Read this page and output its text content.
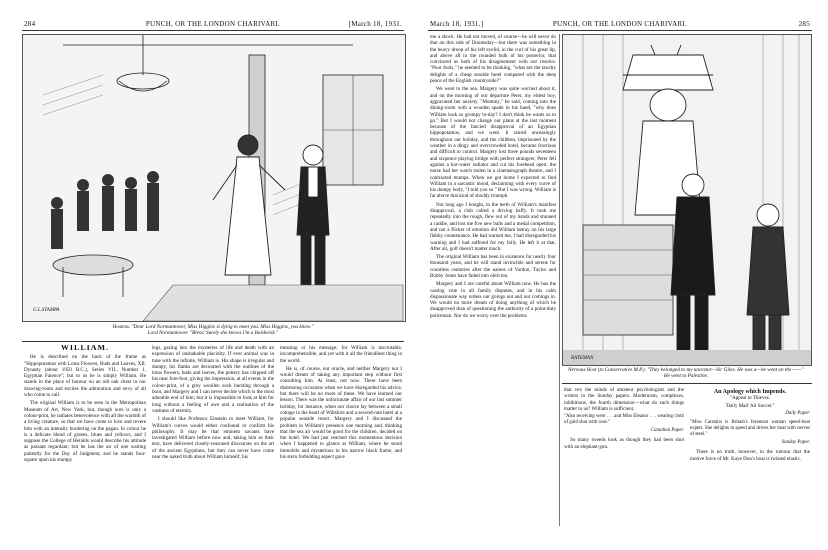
284	PUNCH, OR THE LONDON CHARIVARI.	[March 18, 1931.
G.L.STAMPA
Hostess. "Dear Lord Normantower, Miss Higgins is dying to meet you. Miss Higgins, you know."
Lord Normantower. "Bless! Surely she knows I'm a Bolshevik."
WILLIAM.

He is described on the back of the frame as "Hippopotamus with Lotus Flowers, Buds and Leaves, XII. Dynasty (about 1950 B.C.), Series VII., Number 1, Egyptian Faience"; but to us he is simply William. He stands in the place of honour on an old oak chest in our drawing-room and excites the admiration and envy of all who come to call.

The original William is to be seen in the Metropolitan Museum of Art, New York, but, though ours is only a colour-print, he radiates benevolence with all the warmth of a living creature, so that we have come to love and revere him with an intensity bordering on the pagan. In colour he is a delicate blend of greens, blues and yellows, and I suppose the College of Heralds would describe his attitude as passant regardant; but he has the air of one waiting patiently for the Day of Judgment, and he stands four-square upon his stumpy

legs, gazing into the mysteries of life and death with an expression of unshakable placidity. If ever animal was in tune with the infinite, William is. His shape is irregular and dumpy, his flanks are decorated with the outlines of the lotus flowers, buds and leaves, the pottery has chipped off his near fore-foot, giving the impression, at all events in the colour-print, of a grey woollen sock bursting through a boot, and Margery and I can never decide which is the most adorable end of him; but it is impossible to look at him for long without a feeling of awe and a realisation of the vastness of eternity.

I should like Professor Einstein to meet William, for William's curves would either confound or confirm his philosophy. It may be that eminent savants have investigated William before now and, taking him as their text, have delivered closely-reasoned discourses on the art of the ancient Egyptians, but they can never have come near the naked truth about William himself, his

meaning or his message; for William is inscrutable, incomprehensible, and yet with it all the friendliest thing in the world.

He is, of course, our oracle, and neither Margery nor I would dream of taking any important step without first consulting him. At least, not now. There have been distressing occasions when we have disregarded his advice, but there will be no more of these. We have learned our lesson. There was the unfortunate affair of our last summer holiday, for instance, when our choice lay between a small cottage in the heart of Wiltshire and a second-rate hotel at a popular seaside resort. Margery and I discussed the problem in William's presence one morning and, thinking that the sea air would be good for the children, decided on the hotel. We had just reached this momentous decision when I happened to glance at William, where he stood immobile and mysterious in his narrow black frame, and his stern forbidding aspect gave

March 18, 1931.]	PUNCH, OR THE LONDON CHARIVARI.	285

me a shock. He had not moved, of course—he will never do that on this side of Doomsday—but there was something in the heavy droop of his left eyelid, in the curl of his great lip, and above all in the rounded bulk of his posterior, that convinced us both of his disagreement with our resolve. "Poor fools," he seemed to be thinking, "what are the tawdry delights of a cheap seaside hotel compared with the deep peace of the English countryside?"

We went to the sea. Margery was quite worried about it, and on the morning of our departure Peter, my eldest boy, aggravated her anxiety. "Mummy," he said, coming into the dining-room with a wooden spade in his hand, "why does William look so grumpy to-day? I don't think he wants us to go." But I would not change our plans at the last moment because of the fancied disapproval of an Egyptian hippopotamus, and we went. It rained unceasingly throughout our holiday, and the children, imprisoned by the weather in a dingy and overcrowded hotel, became fractious and difficult to control. Margery lost three pounds seventeen and sixpence playing bridge with perfect strangers; Peter fell against a hot-water radiator and cut his forehead open; the nurse had her watch stolen in a cinematograph theatre, and I contracted mumps. When we got home I expected to find William in a sarcastic mood, declaiming with every curve of his dumpy body, "I told you so." But I was wrong. William is far above that kind of shoddy triumph.

Not long ago I bought, in the teeth of William's manifest disapproval, a club called a driving baffy. It took me repeatedly into the rough, flew out of my hands and stunned a caddie, and lost me five new balls and a medal competition, and not a flicker of emotion did William betray on his large flabby countenance. He had warned me, I had disregarded his warning and I had suffered for my folly. He left it at that. After all, golf doesn't matter much.

The original William has been in existence for nearly four thousand years, and he will stand invincible and serene for countless centuries after the names of Vardon, Taylor and Bobby Jones have faded into oblivion.

Margery and I are careful about William now. He has the casting vote in all family disputes, and in his calm dispassionate way orders our goings out and our comings in. We would no more dream of doing anything of which he disapproved than of questioning the authority of a point-duty policeman. Nor do we worry over the problems

BATEMAN
Nervous Host (to Conservative M.P.). "They belonged to my ancestor—Sir Giles. He was a—he went on the ——"
He went to Palestine.

that vex the minds of amateur psychologists and the writers in the Sunday papers. Modernism, complexes, inhibitions, the fourth dimension—what do such things matter to us? William is sufficient.

"Also receiving were . . . and Miss Eleanor . . . wearing cloth of gold shot with rose."
Canadian Paper.

So many tweeds look as though they had been shot with an elephant-gun.

An Apology which Impends.
"Appeal to Thieves.
'Daily Mail' Air Soccer."
Daily Paper.
"Miss Carstairs is Britain's foremost woman speed-boat expert. She delights in speed and drives her boat with nerves of steel."
Sunday Paper.

There is no truth, however, in the rumour that the motive force of Mr. Kaye Don's boat is twisted elastic.
